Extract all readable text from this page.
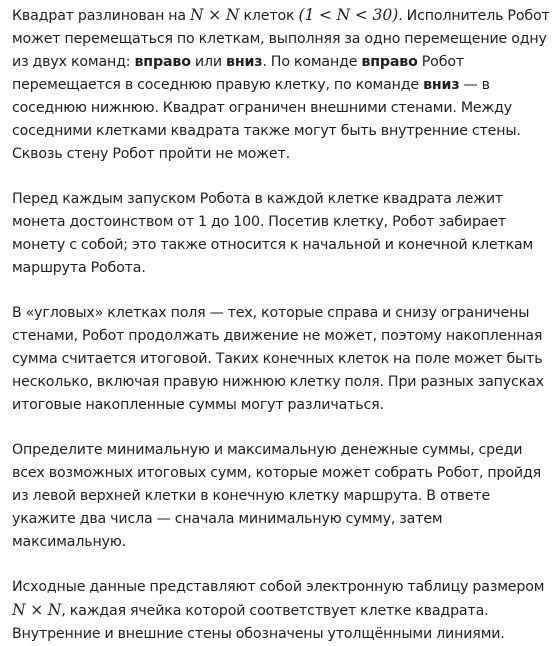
Квадрат разлинован на N × N клеток (1 < N < 30). Исполнитель Робот может перемещаться по клеткам, выполняя за одно перемещение одну из двух команд: вправо или вниз. По команде вправо Робот перемещается в соседнюю правую клетку, по команде вниз — в соседнюю нижнюю. Квадрат ограничен внешними стенами. Между соседними клетками квадрата также могут быть внутренние стены. Сквозь стену Робот пройти не может.

Перед каждым запуском Робота в каждой клетке квадрата лежит монета достоинством от 1 до 100. Посетив клетку, Робот забирает монету с собой; это также относится к начальной и конечной клеткам маршрута Робота.

В «угловых» клетках поля — тех, которые справа и снизу ограничены стенами, Робот продолжать движение не может, поэтому накопленная сумма считается итоговой. Таких конечных клеток на поле может быть несколько, включая правую нижнюю клетку поля. При разных запусках итоговые накопленные суммы могут различаться.

Определите минимальную и максимальную денежные суммы, среди всех возможных итоговых сумм, которые может собрать Робот, пройдя из левой верхней клетки в конечную клетку маршрута. В ответе укажите два числа — сначала минимальную сумму, затем максимальную.

Исходные данные представляют собой электронную таблицу размером N × N, каждая ячейка которой соответствует клетке квадрата. Внутренние и внешние стены обозначены утолщёнными линиями.
